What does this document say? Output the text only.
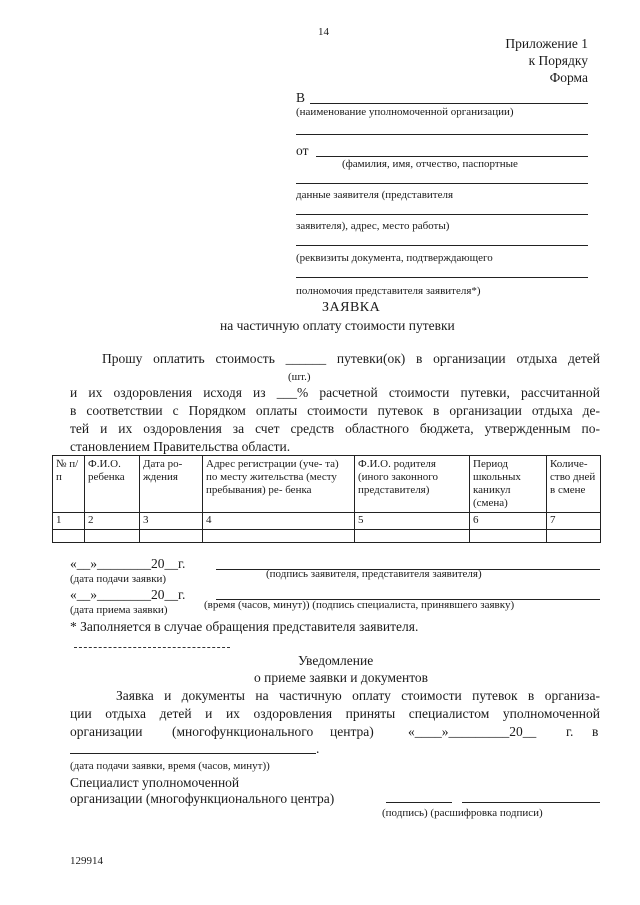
14
Приложение 1
к Порядку
Форма
В
(наименование уполномоченной организации)
от
(фамилия, имя, отчество, паспортные
данные заявителя (представителя
заявителя), адрес, место работы)
(реквизиты документа, подтверждающего
полномочия представителя заявителя*)
ЗАЯВКА
на частичную оплату стоимости путевки
Прошу оплатить стоимость ______ путевки(ок) в организации отдыха детей
(шт.)
и их оздоровления исходя из ___% расчетной стоимости путевки, рассчитанной
в соответствии с Порядком оплаты стоимости путевок в организации отдыха де-
тей и их оздоровления за счет средств областного бюджета, утвержденным по-
становлением Правительства области.
№ п/п	Ф.И.О. ребенка	Дата ро- ждения	Адрес регистрации (уче- та) по месту жительства (месту пребывания) ре- бенка	Ф.И.О. родителя (иного законного представителя)	Период школьных каникул (смена)	Количе- ство дней в смене
1	2	3	4	5	6	7

«__»________20__г.
(дата подачи заявки)	(подпись заявителя, представителя заявителя)
«__»________20__г.
(дата приема заявки)	(время (часов, минут)) (подпись специалиста, принявшего заявку)
* Заполняется в случае обращения представителя заявителя.
Уведомление
о приеме заявки и документов
Заявка и документы на частичную оплату стоимости путевок в организа-
ции отдыха детей и их оздоровления приняты специалистом уполномоченной
организации (многофункционального центра)	«____»_________20__ г. в
.
(дата подачи заявки, время (часов, минут))
Специалист уполномоченной
организации (многофункционального центра)
(подпись) (расшифровка подписи)
129914
